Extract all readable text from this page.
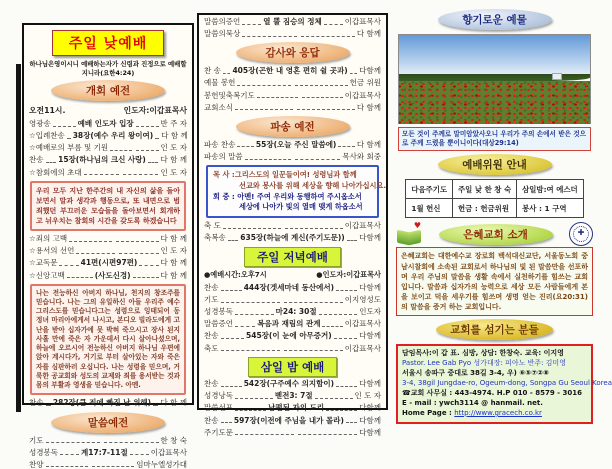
주일 낮예배
하나님은영이시니 예배하는자가 신령과 진정으로 예배할지니라(요한4:24)
개회 예전
오전11시.	인도자:이갑표목사
영광송	예배 인도자 입장	반 주 자
☆입례찬송 38장(예수 우리 왕이여) 다 함 께
☆예배로의 부름 및 기원	인 도 자
찬송 15장(하나님의 크신 사랑) 다 함 께
☆참회에의 초대	인 도 자
우리 모두 지난 한주간의 내 자신의 삶을 돌아보면서 말과 생각과 행동으로, 또 내면으로 범죄했던 부끄러운 모습들을 돌아보면서 회개하고 뉘우치는 참회의 시간을 갖도록 하겠습니다
☆죄의 고백	다 함 께
☆용서의 선언	인 도 자
☆교독문	41편(시편97편)	다 함 께
☆신앙고백	(사도신경)	다 함 께
나는 전능하신 아버지 하나님, 천지의 창조주를 믿습니다. 나는 그의 유일하신 아들 우리주 예수그리스도를 믿습니다그는 성령으로 잉태되어 동정녀 마리아에게서 나시고, 본디오 빌라도에게 고난을 받아 십자가에 못 박혀 죽으시고 장사 된지 사흘 만에 죽은 자 가운데서 다시 살아나셨으며, 하늘에 오르시어 전능하신 아버지 하나님 우편에 앉아 계시다가, 거기로 부터 살아있는 자와 죽은 자를 심판하러 오십니다. 나는 성령을 믿으며, 거룩한 공교회와 성도의 교제와 죄를 용서받는 것과 몸의 부활과 영생을 믿습니다. 아멘.
찬송 282장(큰 죄에 빠진 날 위해) 다 함 께
말씀예전
기도	한 창 숙
성경봉독	계17:7-11절	이갑표목사
찬양	임마누엘성가대
말씀의증언	열 뿔 짐승의 정체	이갑표목사
말씀의묵상	다 함께
감사와 응답
찬 송 405장(곤한 내 영혼 편히 쉴 곳과) 다함께
예물 봉헌	헌금 위원
봉헌및축복기도	이갑표목사
교회소식	다 함께
파송 예전
파송 찬송	55장(오늘 주신 말씀에)	다 함께
파송의 말씀	목사와 회중
목 사 :그리스도의 일꾼들이여! 성령님과 함께
선교와 봉사를 위해 세상을 향해 나아가십시요.
회 중 : 아멘! 주여 우리와 동행하여 주시옵소서
세상에 나아가 빛의 열매 맺게 하옵소서
축 도	이갑표목사
축복송 635장(하늘에 계신(주기도문)) 다함께
주일 저녁예배
●예배시간:오후7시	●인도자:이갑표목사
찬송	444장(겟세마네 동산에서)	다함께
기도	이지영성도
성경봉독	마24: 30절	인도자
말씀증언	복음과 재림의 관계	이갑표목사
찬송	545장(이 눈에 아무증거)	다함께
축도	이갑표목사
삼일 밤 예배
찬송	542장(구주예수 의지함이)	다함께
성경낭독	벧전3: 7절	인 도 자
말씀선포	남편된 자의 도리	다함께
찬송 597장(이전에 주님을 내가 몰라) 다함께
주기도문	다함께
향기로운 예물
모든 것이 주께로 말미암았사오니 우리가 주의 손에서 받은 것으로 주께 드렸을 뿐이니이다(대상29:14)
예배위원 안내
다음주기도	주일 낮 한 창 숙	삼일밤:여 에스더
1월 헌신	헌금 : 헌금위원	봉사 : 1 구역
♥
은혜교회 소개
✚
은혜교회는 대한예수교 장로회 백석대신교단, 서울동노회 중남시찰회에 소속된 교회로서 하나님의 빛 된 말씀만을 선포하며 우리 주님의 말씀을 생활 속에서 실천하기를 힘쓰는 교회입니다. 말씀과 십자가의 능력으로 세상 모든 사람들에게 본을 보이고 덕을 세우기를 힘쓰며 생명 얻는 진리(요20:31)의 말씀을 증거 하는 교회입니다.
교회를 섬기는 분들
담임목사:이 갑 표. 심방, 상담: 한창숙. 교육: 이지영
Pastor. Lee Gab Pyo 성가대장: 피아노 반주: 김미영
서울시 송파구 중대로 38길 3-4, 우) ⑥⑤⑦②⑧
3-4, 38gil Jungdae-ro, Ogeum-dong, Songpa Gu Seoul Korea
☎교회 사무실 : 443-4974. H.P 010 - 8579 - 3016
E - mail : ywch3114 @ hanmail. net.
Home Page : http://www.gracech.co.kr
